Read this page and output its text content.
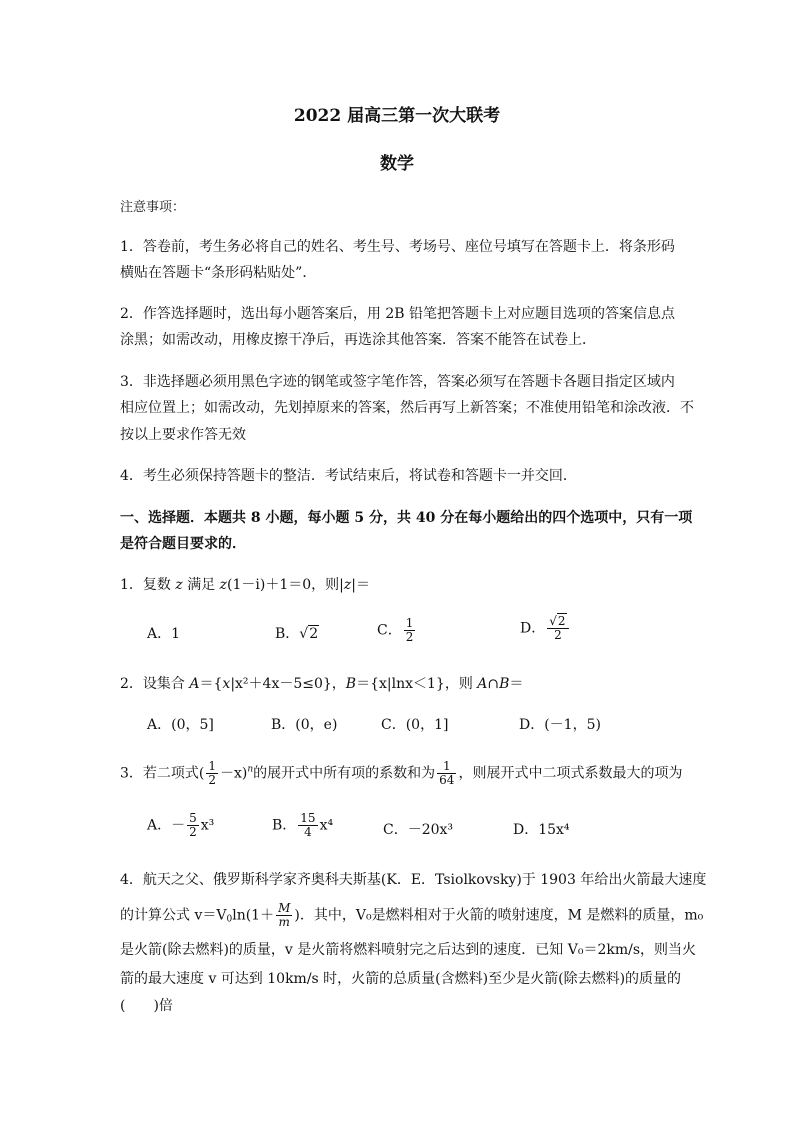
2022 届高三第一次大联考
数学
注意事项：
1．答卷前，考生务必将自己的姓名、考生号、考场号、座位号填写在答题卡上．将条形码
横贴在答题卡“条形码粘贴处”．
2．作答选择题时，选出每小题答案后，用 2B 铅笔把答题卡上对应题目选项的答案信息点
涂黑；如需改动，用橡皮擦干净后，再选涂其他答案．答案不能答在试卷上．
3．非选择题必须用黑色字迹的钢笔或签字笔作答，答案必须写在答题卡各题目指定区域内
相应位置上；如需改动，先划掉原来的答案，然后再写上新答案；不准使用铅笔和涂改液．不
按以上要求作答无效
4．考生必须保持答题卡的整洁．考试结束后，将试卷和答题卡一并交回．
一、选择题．本题共 8 小题，每小题 5 分，共 40 分在每小题给出的四个选项中，只有一项
是符合题目要求的．
1．复数 z 满足 z(1－i)＋1＝0，则|z|＝
A．1	B．√2	C． $\frac{1}{2}$	D． $\frac{√2}{2}$
2．设集合 A＝{x|x²＋4x－5≤0}，B＝{x|lnx＜1}，则 A∩B＝
A．(0，5]	B．(0，e)	C．(0，1]	D．(－1，5)
3．若二项式( $\frac{1}{2} -x)^n$的展开式中所有项的系数和为 $\frac{1}{64}$ ，则展开式中二项式系数最大的项为
A．－ $\frac{5}{2} x^3$	B． $\frac{15}{4} x^4$	C．－20x³	D．15x⁴
4．航天之父、俄罗斯科学家齐奥科夫斯基(K．E．Tsiolkovsky)于 1903 年给出火箭最大速度
的计算公式 $v=V_0\ln(1+ \frac{M}{m}$ )．其中，V₀是燃料相对于火箭的喷射速度，M 是燃料的质量，m₀
是火箭(除去燃料)的质量，v 是火箭将燃料喷射完之后达到的速度．已知 V₀＝2km/s，则当火
箭的最大速度 v 可达到 10km/s 时，火箭的总质量(含燃料)至少是火箭(除去燃料)的质量的
(　　)倍
